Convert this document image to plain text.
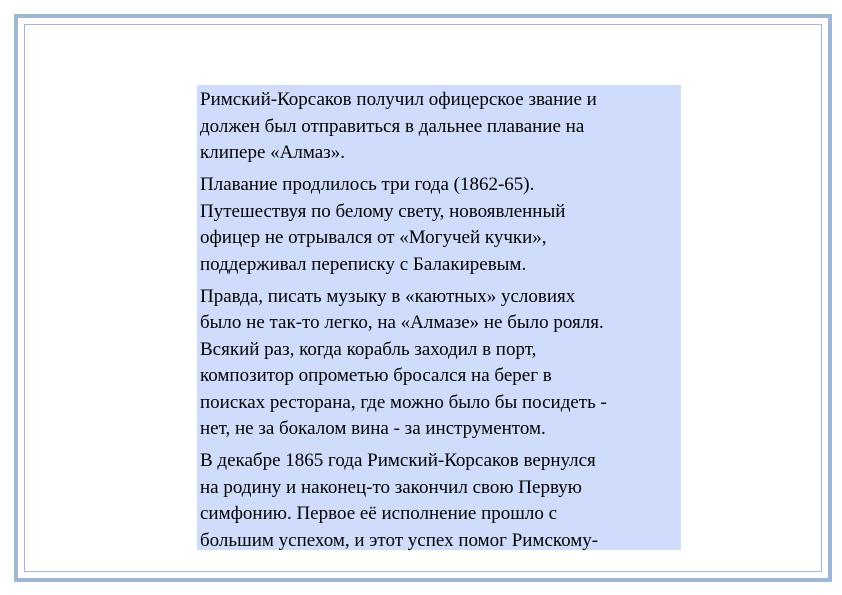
Римский-Корсаков получил офицерское звание и
должен был отправиться в дальнее плавание на
клипере «Алмаз».

Плавание продлилось три года (1862-65).
Путешествуя по белому свету, новоявленный
офицер не отрывался от «Могучей кучки»,
поддерживал переписку с Балакиревым.

Правда, писать музыку в «каютных» условиях
было не так-то легко, на «Алмазе» не было рояля.
Всякий раз, когда корабль заходил в порт,
композитор опрометью бросался на берег в
поисках ресторана, где можно было бы посидеть -
нет, не за бокалом вина - за инструментом.

В декабре 1865 года Римский-Корсаков вернулся
на родину и наконец-то закончил свою Первую
симфонию. Первое её исполнение прошло с
большим успехом, и этот успех помог Римскому-
